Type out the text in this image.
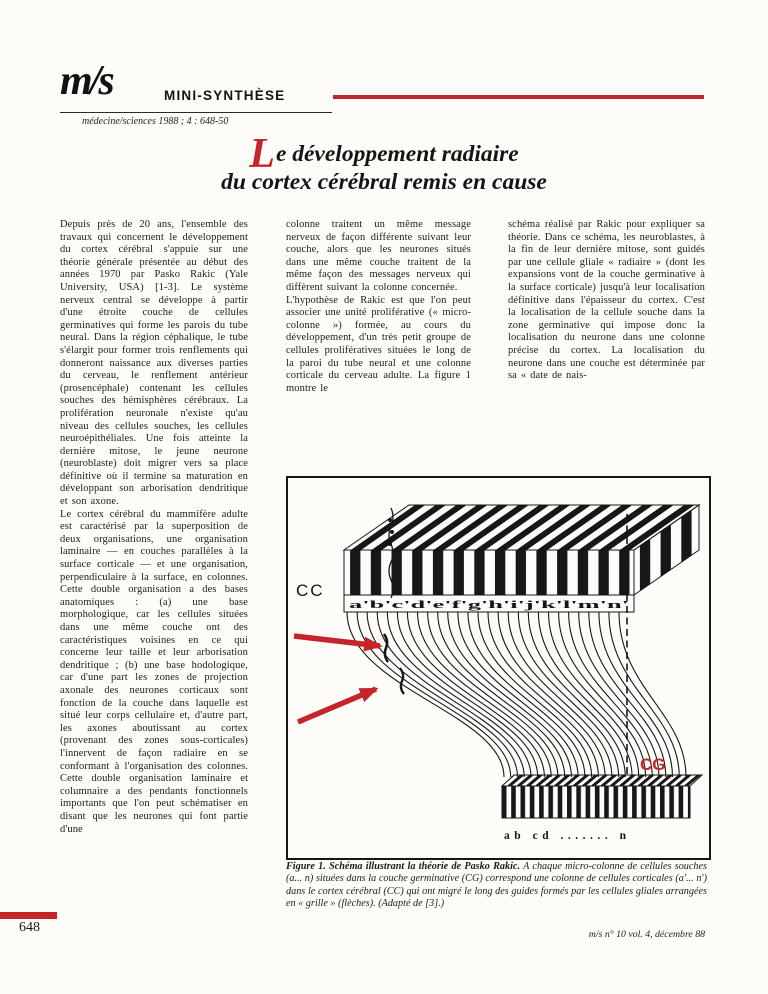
m/s	MINI-SYNTHÈSE
médecine/sciences 1988 ; 4 : 648-50
Le développement radiaire
du cortex cérébral remis en cause

Depuis près de 20 ans, l'ensemble des travaux qui concernent le développement du cortex cérébral s'appuie sur une théorie générale présentée au début des années 1970 par Pasko Rakic (Yale University, USA) [1-3]. Le système nerveux central se développe à partir d'une étroite couche de cellules germinatives qui forme les parois du tube neural. Dans la région céphalique, le tube s'élargit pour former trois renflements qui donneront naissance aux diverses parties du cerveau, le renflement antérieur (prosencéphale) contenant les cellules souches des hémisphères cérébraux. La prolifération neuronale n'existe qu'au niveau des cellules souches, les cellules neuroépithéliales. Une fois atteinte la dernière mitose, le jeune neurone (neuroblaste) doit migrer vers sa place définitive où il termine sa maturation en développant son arborisation dendritique et son axone.

Le cortex cérébral du mammifère adulte est caractérisé par la superposition de deux organisations, une organisation laminaire — en couches parallèles à la surface corticale — et une organisation, perpendiculaire à la surface, en colonnes. Cette double organisation a des bases anatomiques : (a) une base morphologique, car les cellules situées dans une même couche ont des caractéristiques voisines en ce qui concerne leur taille et leur arborisation dendritique ; (b) une base hodologique, car d'une part les zones de projection axonale des neurones corticaux sont fonction de la couche dans laquelle est situé leur corps cellulaire et, d'autre part, les axones aboutissant au cortex (provenant des zones sous-corticales) l'innervent de façon radiaire en se conformant à l'organisation des colonnes. Cette double organisation laminaire et columnaire a des pendants fonctionnels importants que l'on peut schématiser en disant que les neurones qui font partie d'une

colonne traitent un même message nerveux de façon différente suivant leur couche, alors que les neurones situés dans une même couche traitent de la même façon des messages nerveux qui diffèrent suivant la colonne concernée.

L'hypothèse de Rakic est que l'on peut associer une unité proliférative (« micro-colonne ») formée, au cours du développement, d'un très petit groupe de cellules prolifératives situées le long de la paroi du tube neural et une colonne corticale du cerveau adulte. La figure 1 montre le

schéma réalisé par Rakic pour expliquer sa théorie. Dans ce schéma, les neuroblastes, à la fin de leur dernière mitose, sont guidés par une cellule gliale « radiaire » (dont les expansions vont de la couche germinative à la surface corticale) jusqu'à leur localisation définitive dans l'épaisseur du cortex. C'est la localisation de la cellule souche dans la zone germinative qui impose donc la localisation du neurone dans une colonne précise du cortex. La localisation du neurone dans une couche est déterminée par sa « date de nais-

a'b'c'd'e'f'g'h'i'j'k'l'm'n'
ab cd ....... n
CC
CG

Figure 1. Schéma illustrant la théorie de Pasko Rakic. A chaque micro-colonne de cellules souches (a... n) situées dans la couche germinative (CG) correspond une colonne de cellules corticales (a'... n') dans le cortex cérébral (CC) qui ont migré le long des guides formés par les cellules gliales arrangées en « grille » (flèches). (Adapté de [3].)

648	m/s n° 10 vol. 4, décembre 88
